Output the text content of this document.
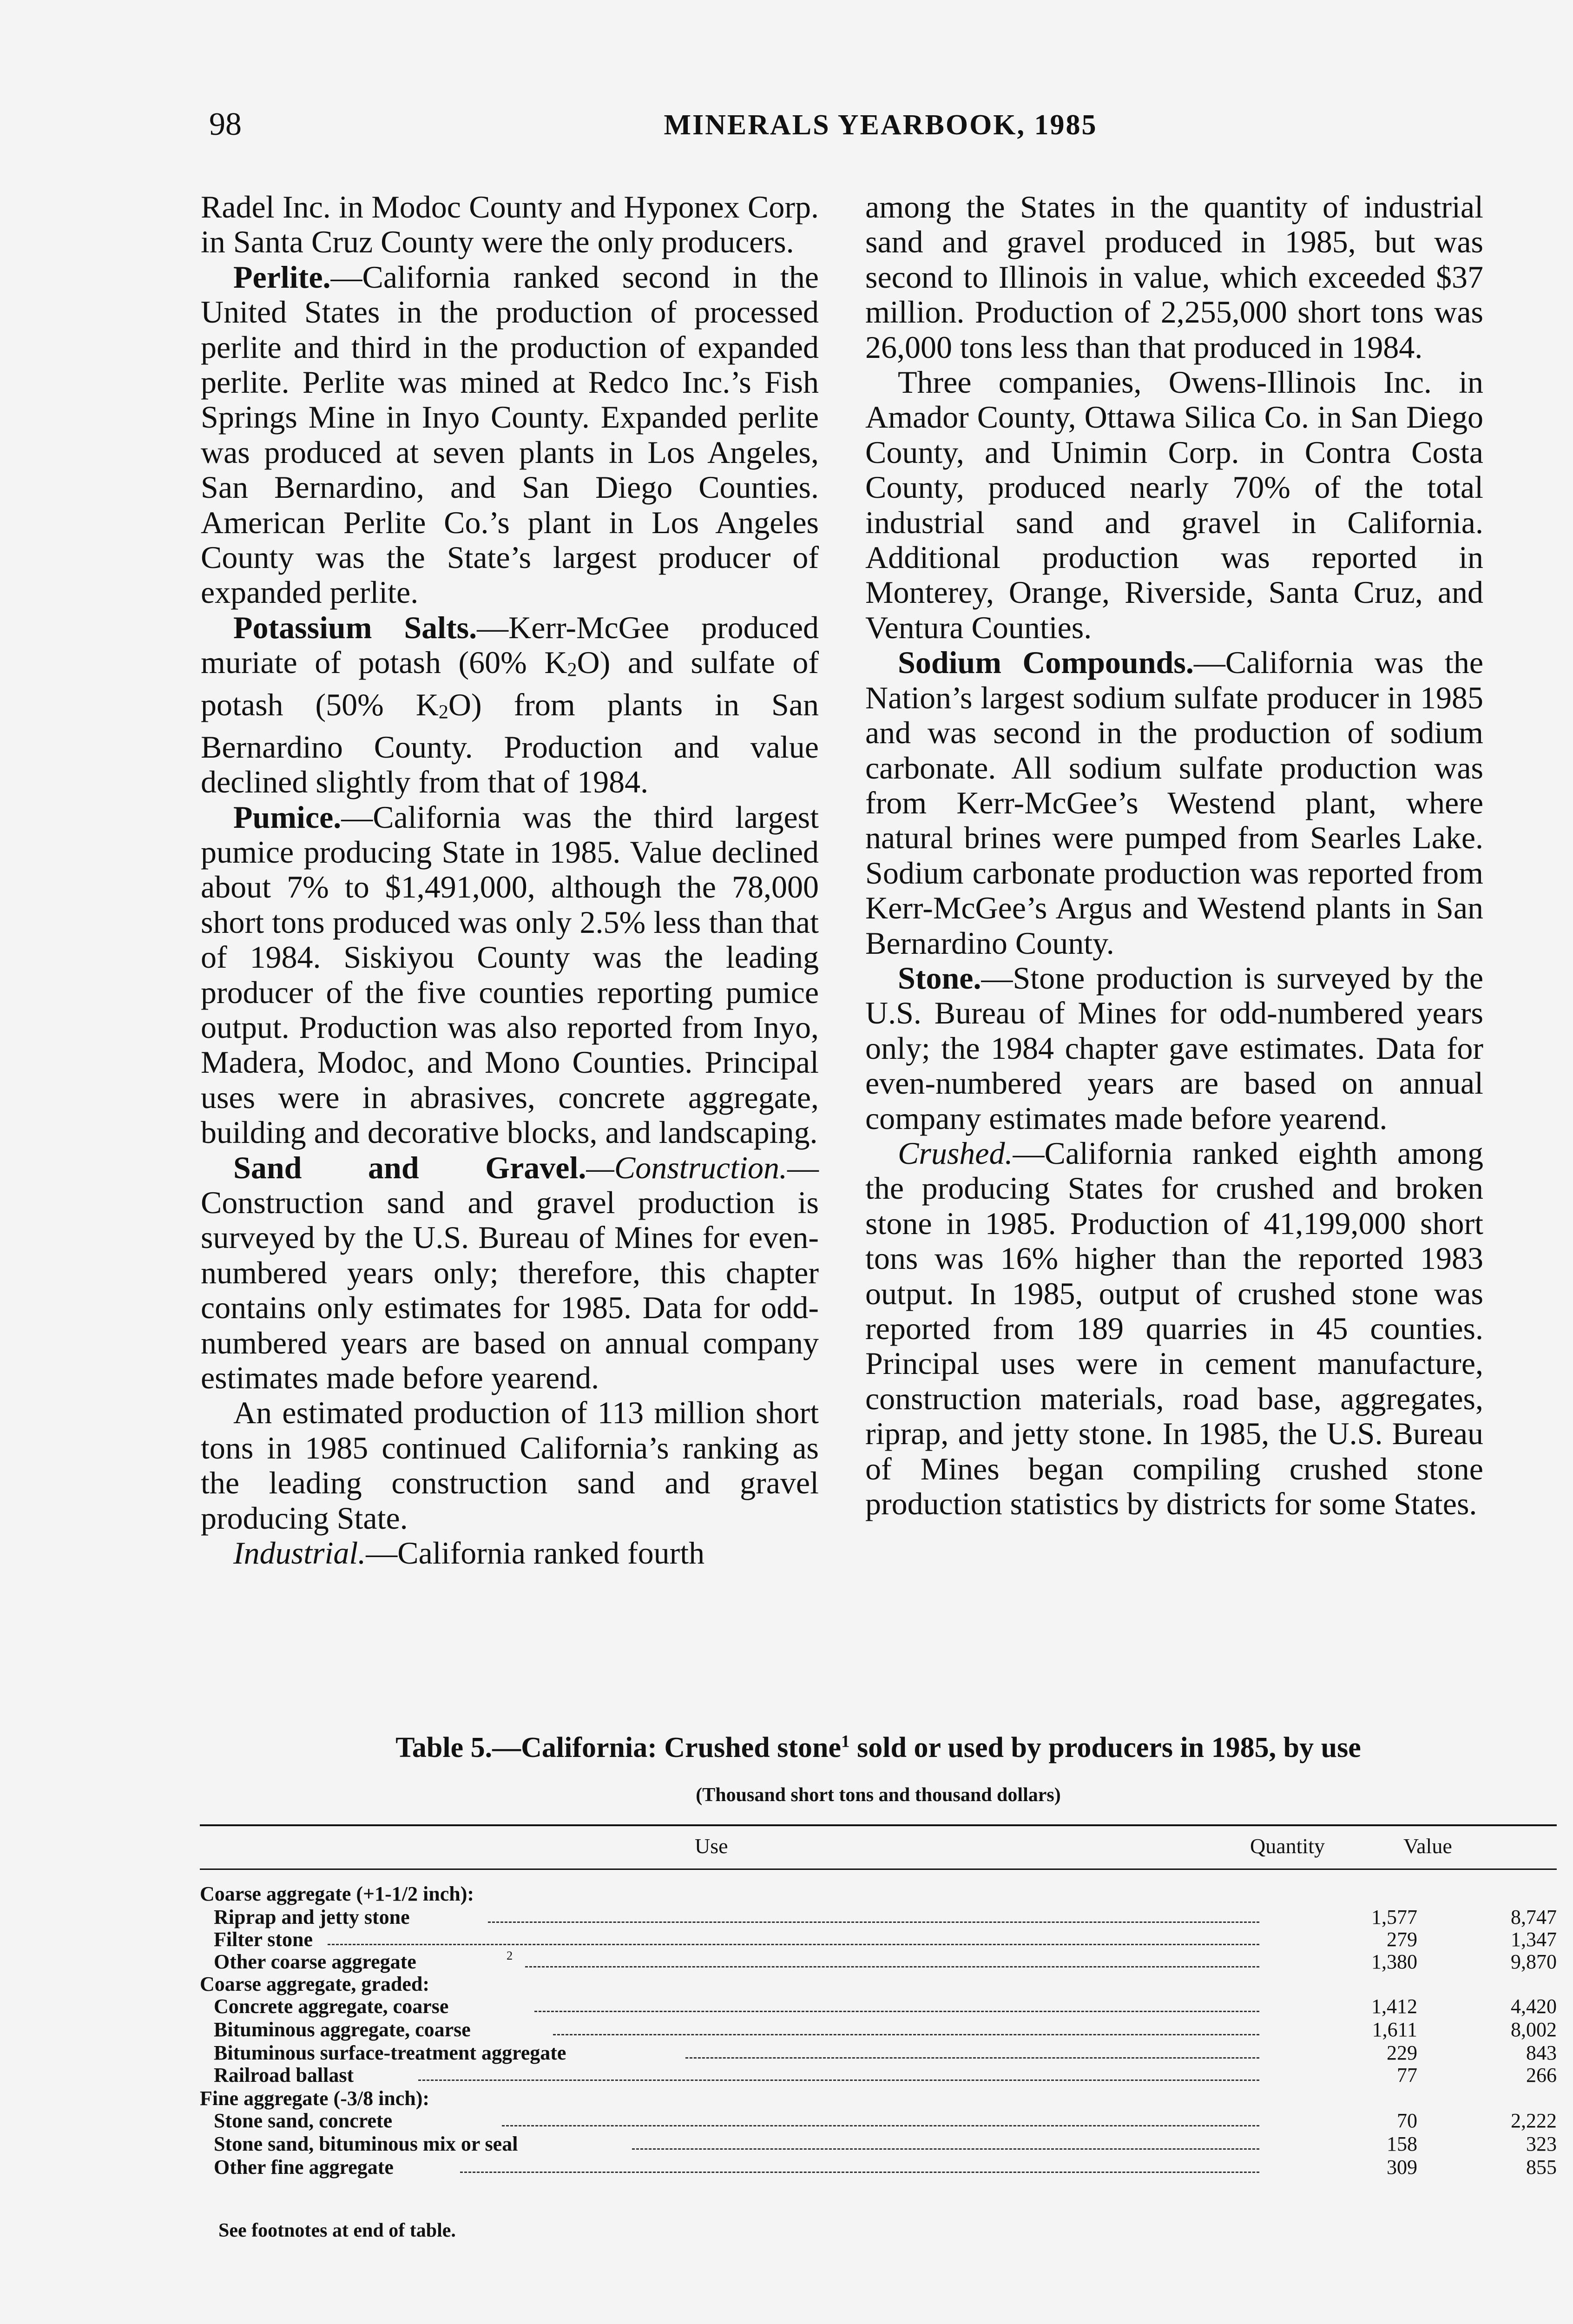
98	MINERALS YEARBOOK, 1985

Radel Inc. in Modoc County and Hyponex Corp. in Santa Cruz County were the only producers.

Perlite.—California ranked second in the United States in the production of processed perlite and third in the production of expanded perlite. Perlite was mined at Redco Inc.’s Fish Springs Mine in Inyo County. Expanded perlite was produced at seven plants in Los Angeles, San Bernardino, and San Diego Counties. American Perlite Co.’s plant in Los Angeles County was the State’s largest producer of expanded perlite.

Potassium Salts.—Kerr-McGee produced muriate of potash (60% $K_2O$) and sulfate of potash (50% $K_2O$) from plants in San Bernardino County. Production and value declined slightly from that of 1984.

Pumice.—California was the third largest pumice producing State in 1985. Value declined about 7% to $1,491,000, although the 78,000 short tons produced was only 2.5% less than that of 1984. Siskiyou County was the leading producer of the five counties reporting pumice output. Production was also reported from Inyo, Madera, Modoc, and Mono Counties. Principal uses were in abrasives, concrete aggregate, building and decorative blocks, and landscaping.

Sand and Gravel.—Construction.—Construction sand and gravel production is surveyed by the U.S. Bureau of Mines for even-numbered years only; therefore, this chapter contains only estimates for 1985. Data for odd-numbered years are based on annual company estimates made before yearend.

An estimated production of 113 million short tons in 1985 continued California’s ranking as the leading construction sand and gravel producing State.

Industrial.—California ranked fourth

among the States in the quantity of industrial sand and gravel produced in 1985, but was second to Illinois in value, which exceeded $37 million. Production of 2,255,000 short tons was 26,000 tons less than that produced in 1984.

Three companies, Owens-Illinois Inc. in Amador County, Ottawa Silica Co. in San Diego County, and Unimin Corp. in Contra Costa County, produced nearly 70% of the total industrial sand and gravel in California. Additional production was reported in Monterey, Orange, Riverside, Santa Cruz, and Ventura Counties.

Sodium Compounds.—California was the Nation’s largest sodium sulfate producer in 1985 and was second in the production of sodium carbonate. All sodium sulfate production was from Kerr-McGee’s Westend plant, where natural brines were pumped from Searles Lake. Sodium carbonate production was reported from Kerr-McGee’s Argus and Westend plants in San Bernardino County.

Stone.—Stone production is surveyed by the U.S. Bureau of Mines for odd-numbered years only; the 1984 chapter gave estimates. Data for even-numbered years are based on annual company estimates made before yearend.

Crushed.—California ranked eighth among the producing States for crushed and broken stone in 1985. Production of 41,199,000 short tons was 16% higher than the reported 1983 output. In 1985, output of crushed stone was reported from 189 quarries in 45 counties. Principal uses were in cement manufacture, construction materials, road base, aggregates, riprap, and jetty stone. In 1985, the U.S. Bureau of Mines began compiling crushed stone production statistics by districts for some States.

Table 5.—California: Crushed stone$^1$ sold or used by producers in 1985, by use
(Thousand short tons and thousand dollars)
Use	Quantity	Value
Coarse aggregate (+1-1/2 inch):
Riprap and jetty stone	1,577	8,747
Filter stone	279	1,347
Other coarse aggregate	2	1,380	9,870
Coarse aggregate, graded:
Concrete aggregate, coarse	1,412	4,420
Bituminous aggregate, coarse	1,611	8,002
Bituminous surface-treatment aggregate	229	843
Railroad ballast	77	266
Fine aggregate (-3/8 inch):
Stone sand, concrete	70	2,222
Stone sand, bituminous mix or seal	158	323
Other fine aggregate	309	855
See footnotes at end of table.
